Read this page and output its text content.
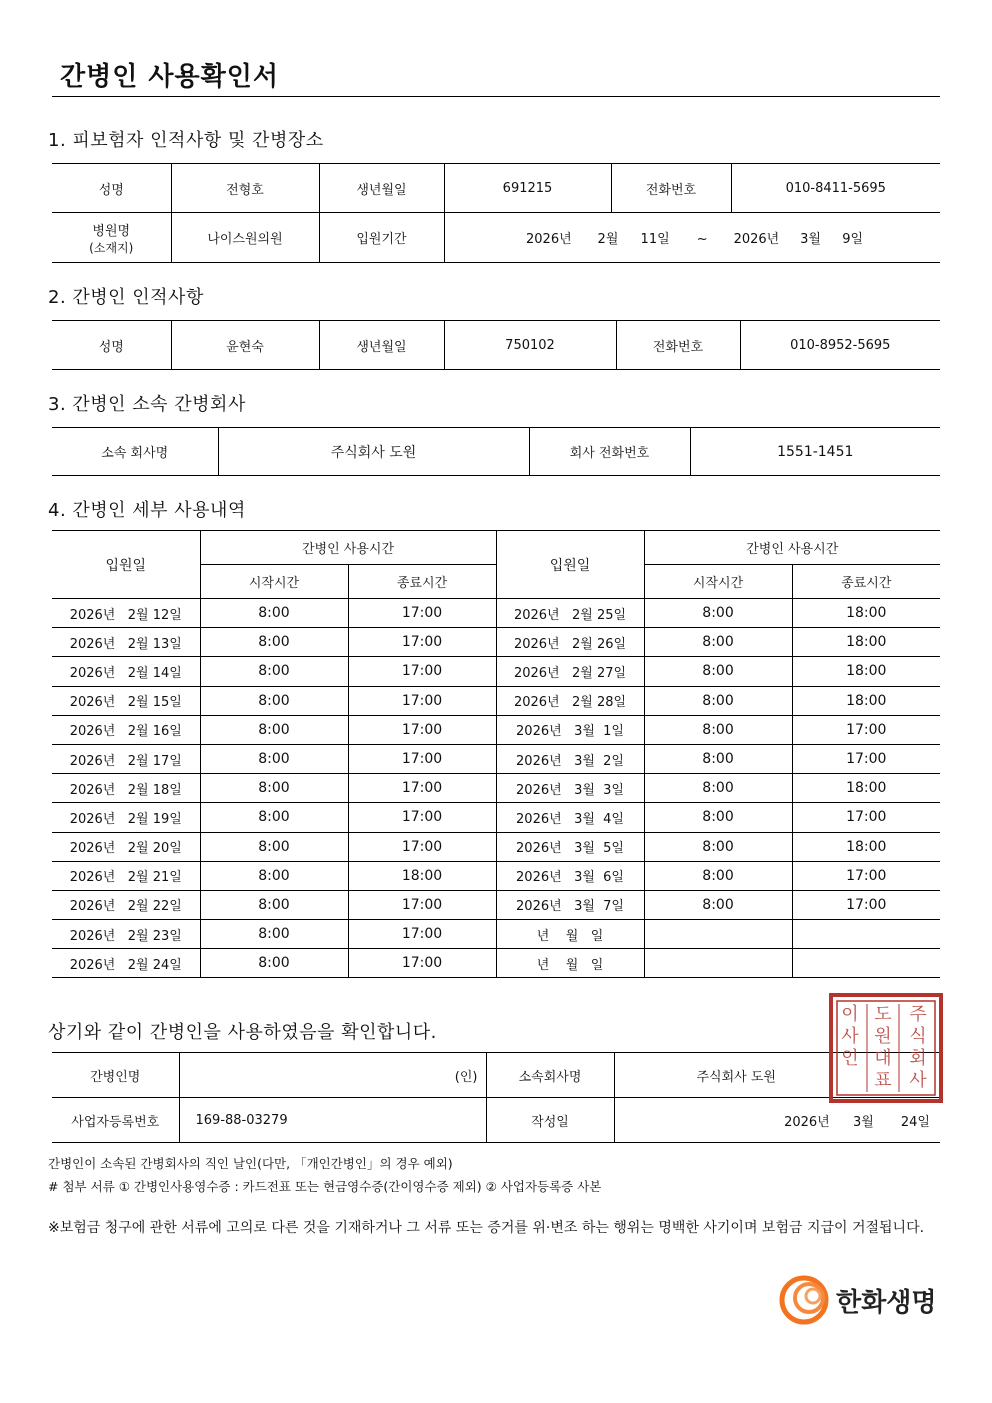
간병인 사용확인서
1. 피보험자 인적사항 및 간병장소
성명	전형호	생년월일	691215	전화번호	010-8411-5695

병원명
(소재지)	나이스원의원	입원기간	2026년 2월 11일 ~ 2026년 3월 9일		
2. 간병인 인적사항
성명	윤현숙	생년월일	750102	전화번호	010-8952-5695
3. 간병인 소속 간병회사
소속 회사명	주식회사 도원	회사 전화번호	1551-1451
4. 간병인 세부 사용내역
입원일	간병인 사용시간		입원일	간병인 사용시간	
	시작시간	종료시간		시작시간	종료시간
2026년   2월 12일	8:00	17:00	2026년   2월 25일	8:00	18:00
2026년   2월 13일	8:00	17:00	2026년   2월 26일	8:00	18:00
2026년   2월 14일	8:00	17:00	2026년   2월 27일	8:00	18:00
2026년   2월 15일	8:00	17:00	2026년   2월 28일	8:00	18:00
2026년   2월 16일	8:00	17:00	2026년   3월  1일	8:00	17:00
2026년   2월 17일	8:00	17:00	2026년   3월  2일	8:00	17:00
2026년   2월 18일	8:00	17:00	2026년   3월  3일	8:00	18:00
2026년   2월 19일	8:00	17:00	2026년   3월  4일	8:00	17:00
2026년   2월 20일	8:00	17:00	2026년   3월  5일	8:00	18:00
2026년   2월 21일	8:00	18:00	2026년   3월  6일	8:00	17:00
2026년   2월 22일	8:00	17:00	2026년   3월  7일	8:00	17:00
2026년   2월 23일	8:00	17:00	년    월   일		
2026년   2월 24일	8:00	17:00	년    월   일		
상기와 같이 간병인을 사용하였음을 확인합니다.
간병인명	(인)	소속회사명	주식회사 도원
사업자등록번호	169-88-03279	작성일	2026년 3월 24일
주
식
회
사
도
원
대
표
이
사
인
간병인이 소속된 간병회사의 직인 날인(다만, 「개인간병인」의 경우 예외)
# 첨부 서류 ① 간병인사용영수증 : 카드전표 또는 현금영수증(간이영수증 제외) ② 사업자등록증 사본
※보험금 청구에 관한 서류에 고의로 다른 것을 기재하거나 그 서류 또는 증거를 위·변조 하는 행위는 명백한 사기이며 보험금 지급이 거절됩니다.
한화생명
